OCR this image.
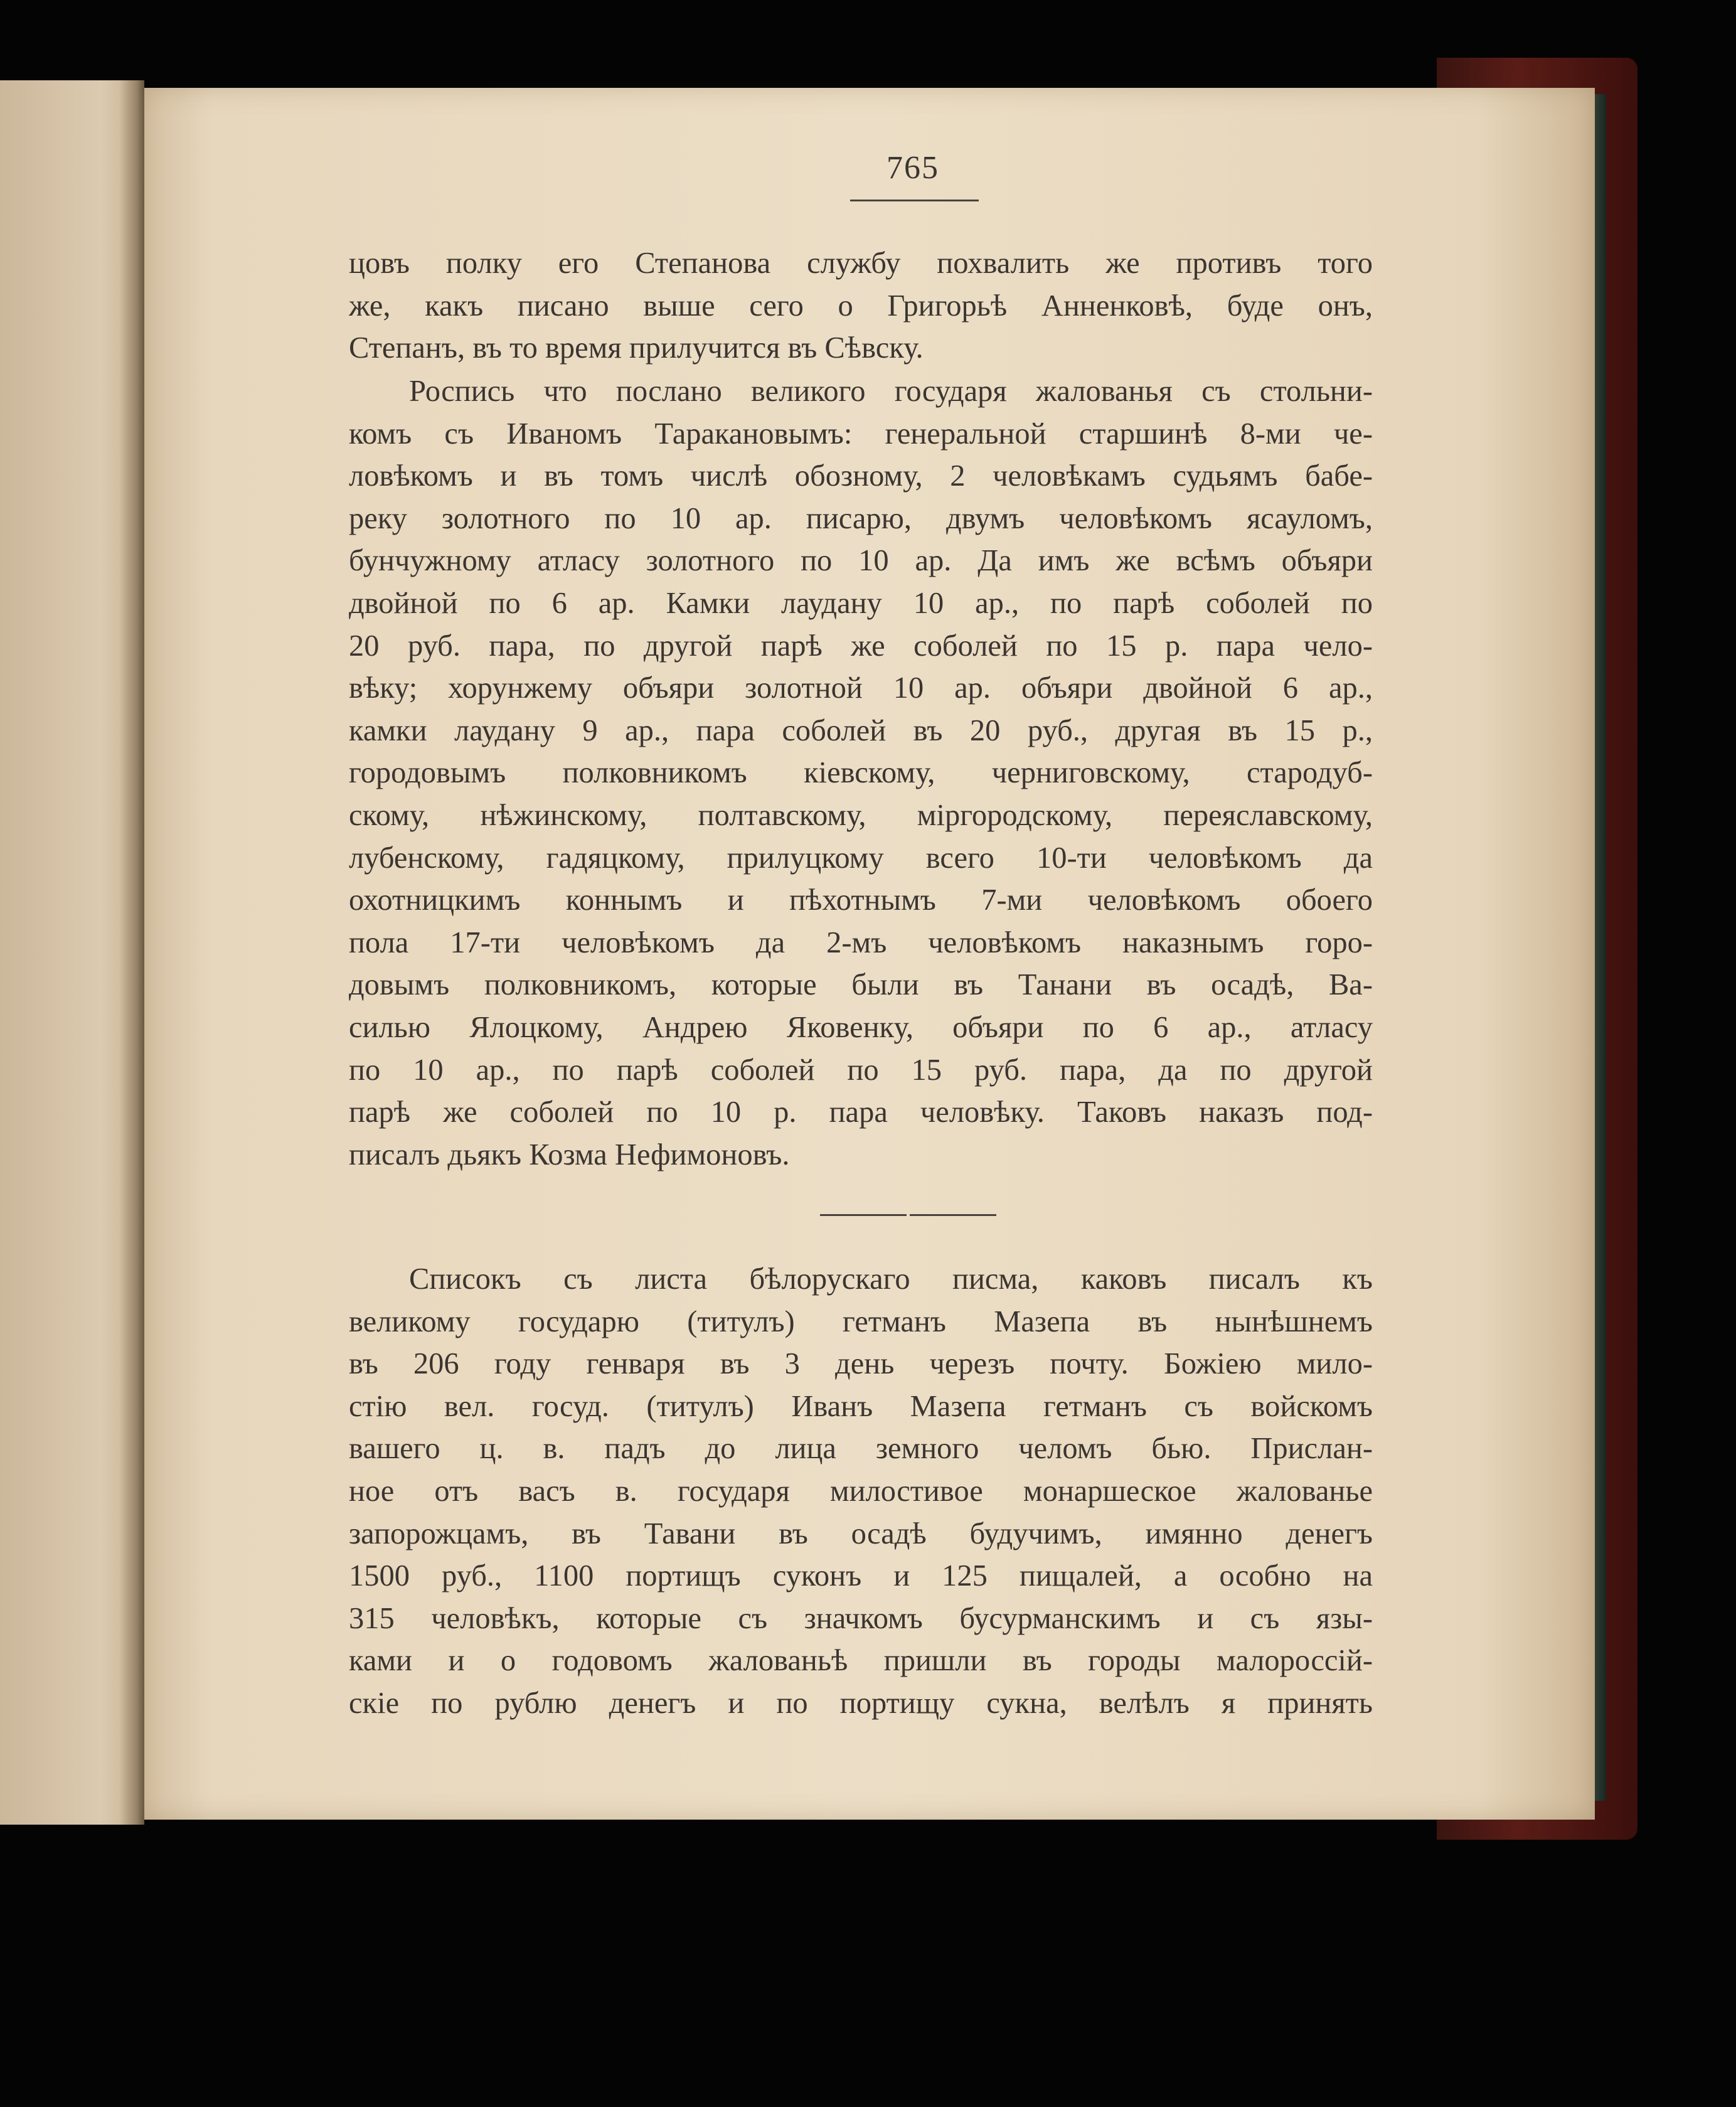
765
цовъ полку его Степанова службу похвалить же противъ того
же, какъ писано выше сего о Григорьѣ Анненковѣ, буде онъ,
Степанъ, въ то время прилучится въ Сѣвску.
Роспись что послано великого государя жалованья съ стольни-
комъ съ Иваномъ Таракановымъ: генеральной старшинѣ 8-ми че-
ловѣкомъ и въ томъ числѣ обозному, 2 человѣкамъ судьямъ бабе-
реку золотного по 10 ар. писарю, двумъ человѣкомъ ясауломъ,
бунчужному атласу золотного по 10 ар. Да имъ же всѣмъ объяри
двойной по 6 ар. Камки лаудану 10 ар., по парѣ соболей по
20 руб. пара, по другой парѣ же соболей по 15 р. пара чело-
вѣку; хорунжему объяри золотной 10 ар. объяри двойной 6 ар.,
камки лаудану 9 ар., пара соболей въ 20 руб., другая въ 15 р.,
городовымъ полковникомъ кіевскому, черниговскому, стародуб-
скому, нѣжинскому, полтавскому, міргородскому, переяславскому,
лубенскому, гадяцкому, прилуцкому всего 10-ти человѣкомъ да
охотницкимъ коннымъ и пѣхотнымъ 7-ми человѣкомъ обоего
пола 17-ти человѣкомъ да 2-мъ человѣкомъ наказнымъ горо-
довымъ полковникомъ, которые были въ Танани въ осадѣ, Ва-
силью Ялоцкому, Андрею Яковенку, объяри по 6 ар., атласу
по 10 ар., по парѣ соболей по 15 руб. пара, да по другой
парѣ же соболей по 10 р. пара человѣку. Таковъ наказъ под-
писалъ дьякъ Козма Нефимоновъ.
Списокъ съ листа бѣлорускаго писма, каковъ писалъ къ
великому государю (титулъ) гетманъ Мазепа въ нынѣшнемъ
въ 206 году генваря въ 3 день черезъ почту. Божіею мило-
стію вел. госуд. (титулъ) Иванъ Мазепа гетманъ съ войскомъ
вашего ц. в. падъ до лица земного челомъ бью. Прислан-
ное отъ васъ в. государя милостивое монаршеское жалованье
запорожцамъ, въ Тавани въ осадѣ будучимъ, имянно денегъ
1500 руб., 1100 портищъ суконъ и 125 пищалей, а особно на
315 человѣкъ, которые съ значкомъ бусурманскимъ и съ язы-
ками и о годовомъ жалованьѣ пришли въ городы малороссій-
скіе по рублю денегъ и по портищу сукна, велѣлъ я принять
